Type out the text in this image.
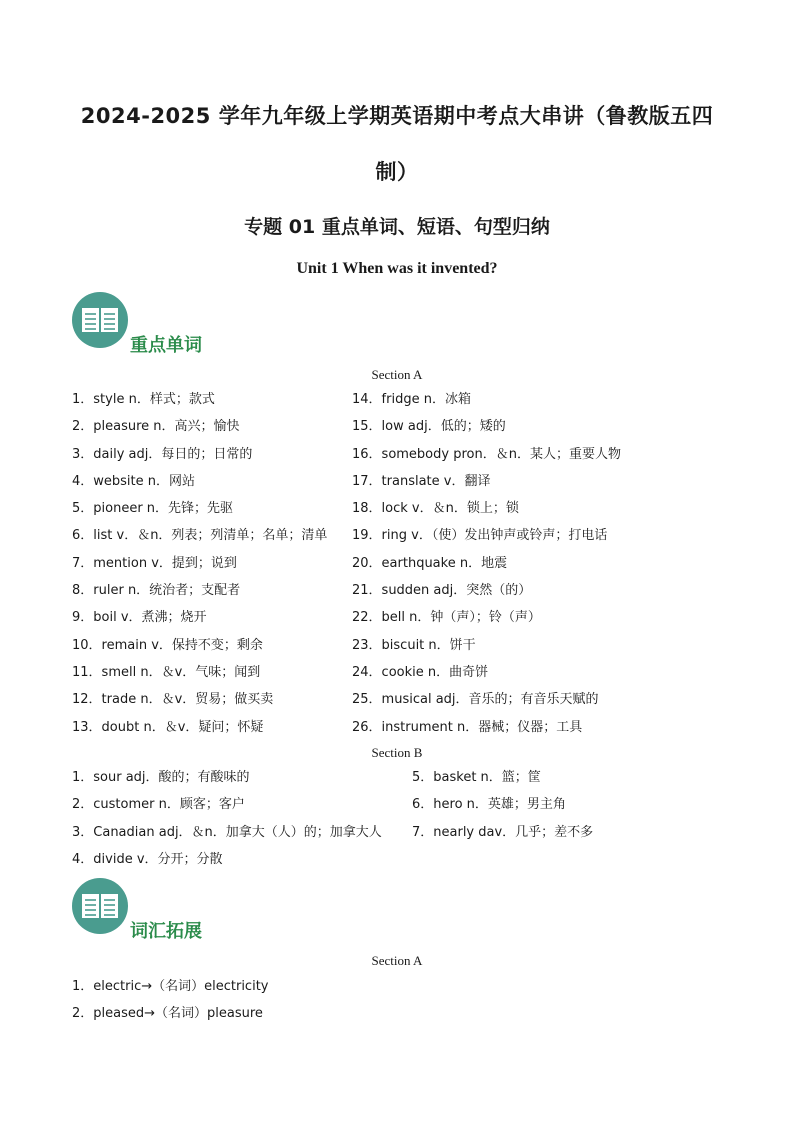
2024-2025 学年九年级上学期英语期中考点大串讲（鲁教版五四
制）
专题 01 重点单词、短语、句型归纳
Unit 1 When was it invented?
重点单词
Section A
1．style n．样式；款式
2．pleasure n．高兴；愉快
3．daily adj．每日的；日常的
4．website n．网站
5．pioneer n．先锋；先驱
6．list v．＆n．列表；列清单；名单；清单
7．mention v．提到；说到
8．ruler n．统治者；支配者
9．boil v．煮沸；烧开
10．remain v．保持不变；剩余
11．smell n．＆v．气味；闻到
12．trade n．＆v．贸易；做买卖
13．doubt n．＆v．疑问；怀疑
14．fridge n．冰箱
15．low adj．低的；矮的
16．somebody pron．＆n．某人；重要人物
17．translate v．翻译
18．lock v．＆n．锁上；锁
19．ring v．（使）发出钟声或铃声；打电话
20．earthquake n．地震
21．sudden adj．突然（的）
22．bell n．钟（声）；铃（声）
23．biscuit n．饼干
24．cookie n．曲奇饼
25．musical adj．音乐的；有音乐天赋的
26．instrument n．器械；仪器；工具
Section B
1．sour adj．酸的；有酸味的
2．customer n．顾客；客户
3．Canadian adj．＆n．加拿大（人）的；加拿大人
4．divide v．分开；分散
5．basket n．篮；筐
6．hero n．英雄；男主角
7．nearly dav．几乎；差不多
词汇拓展
Section A
1．electric→（名词）electricity
2．pleased→（名词）pleasure
